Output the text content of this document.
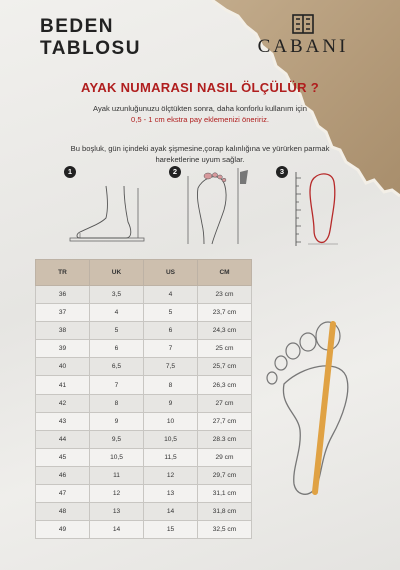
BEDEN
TABLOSU	CABANI
AYAK NUMARASI NASIL ÖLÇÜLÜR ?
Ayak uzunluğunuzu ölçtükten sonra, daha konforlu kullanım için
0,5 - 1 cm ekstra pay eklemenizi öneririz.
Bu boşluk, gün içindeki ayak şişmesine,çorap kalınlığına ve yürürken parmak
hareketlerine uyum sağlar.
1	2	3
TR	UK	US	CM
36	3,5	4	23 cm
37	4	5	23,7 cm
38	5	6	24,3 cm
39	6	7	25 cm
40	6,5	7,5	25,7 cm
41	7	8	26,3 cm
42	8	9	27 cm
43	9	10	27,7 cm
44	9,5	10,5	28.3 cm
45	10,5	11,5	29 cm
46	11	12	29,7 cm
47	12	13	31,1 cm
48	13	14	31,8 cm
49	14	15	32,5 cm
